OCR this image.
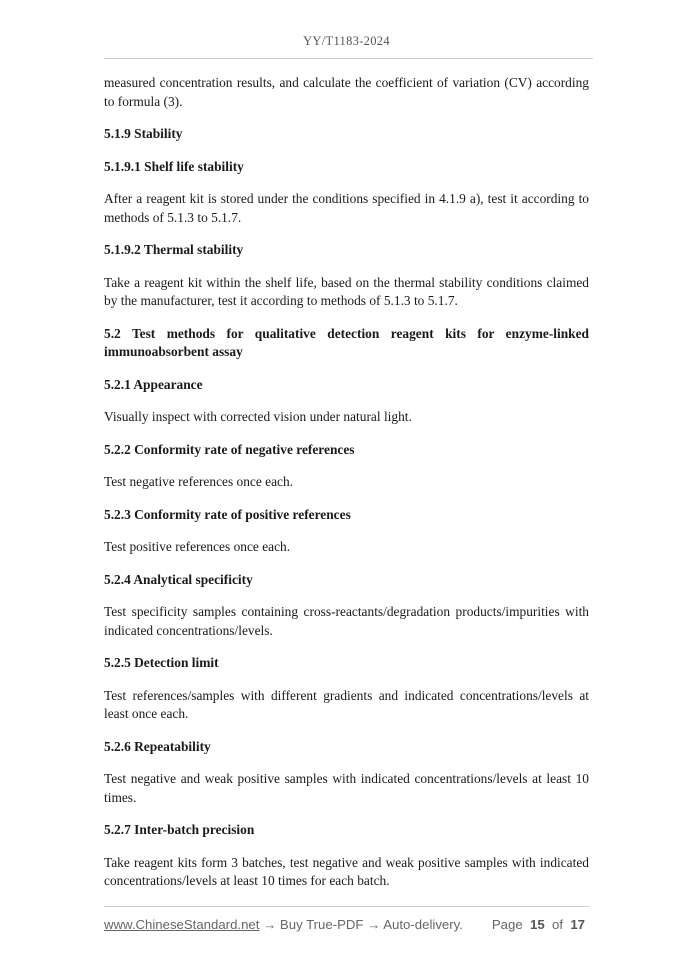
YY/T1183-2024

measured concentration results, and calculate the coefficient of variation (CV) according to formula (3).

5.1.9 Stability

5.1.9.1 Shelf life stability

After a reagent kit is stored under the conditions specified in 4.1.9 a), test it according to methods of 5.1.3 to 5.1.7.

5.1.9.2 Thermal stability

Take a reagent kit within the shelf life, based on the thermal stability conditions claimed by the manufacturer, test it according to methods of 5.1.3 to 5.1.7.

5.2 Test methods for qualitative detection reagent kits for enzyme-linked immunoabsorbent assay

5.2.1 Appearance

Visually inspect with corrected vision under natural light.

5.2.2 Conformity rate of negative references

Test negative references once each.

5.2.3 Conformity rate of positive references

Test positive references once each.

5.2.4 Analytical specificity

Test specificity samples containing cross-reactants/degradation products/impurities with indicated concentrations/levels.

5.2.5 Detection limit

Test references/samples with different gradients and indicated concentrations/levels at least once each.

5.2.6 Repeatability

Test negative and weak positive samples with indicated concentrations/levels at least 10 times.

5.2.7 Inter-batch precision

Take reagent kits form 3 batches, test negative and weak positive samples with indicated concentrations/levels at least 10 times for each batch.

www.ChineseStandard.net → Buy True-PDF → Auto-delivery. Page 15 of 17
